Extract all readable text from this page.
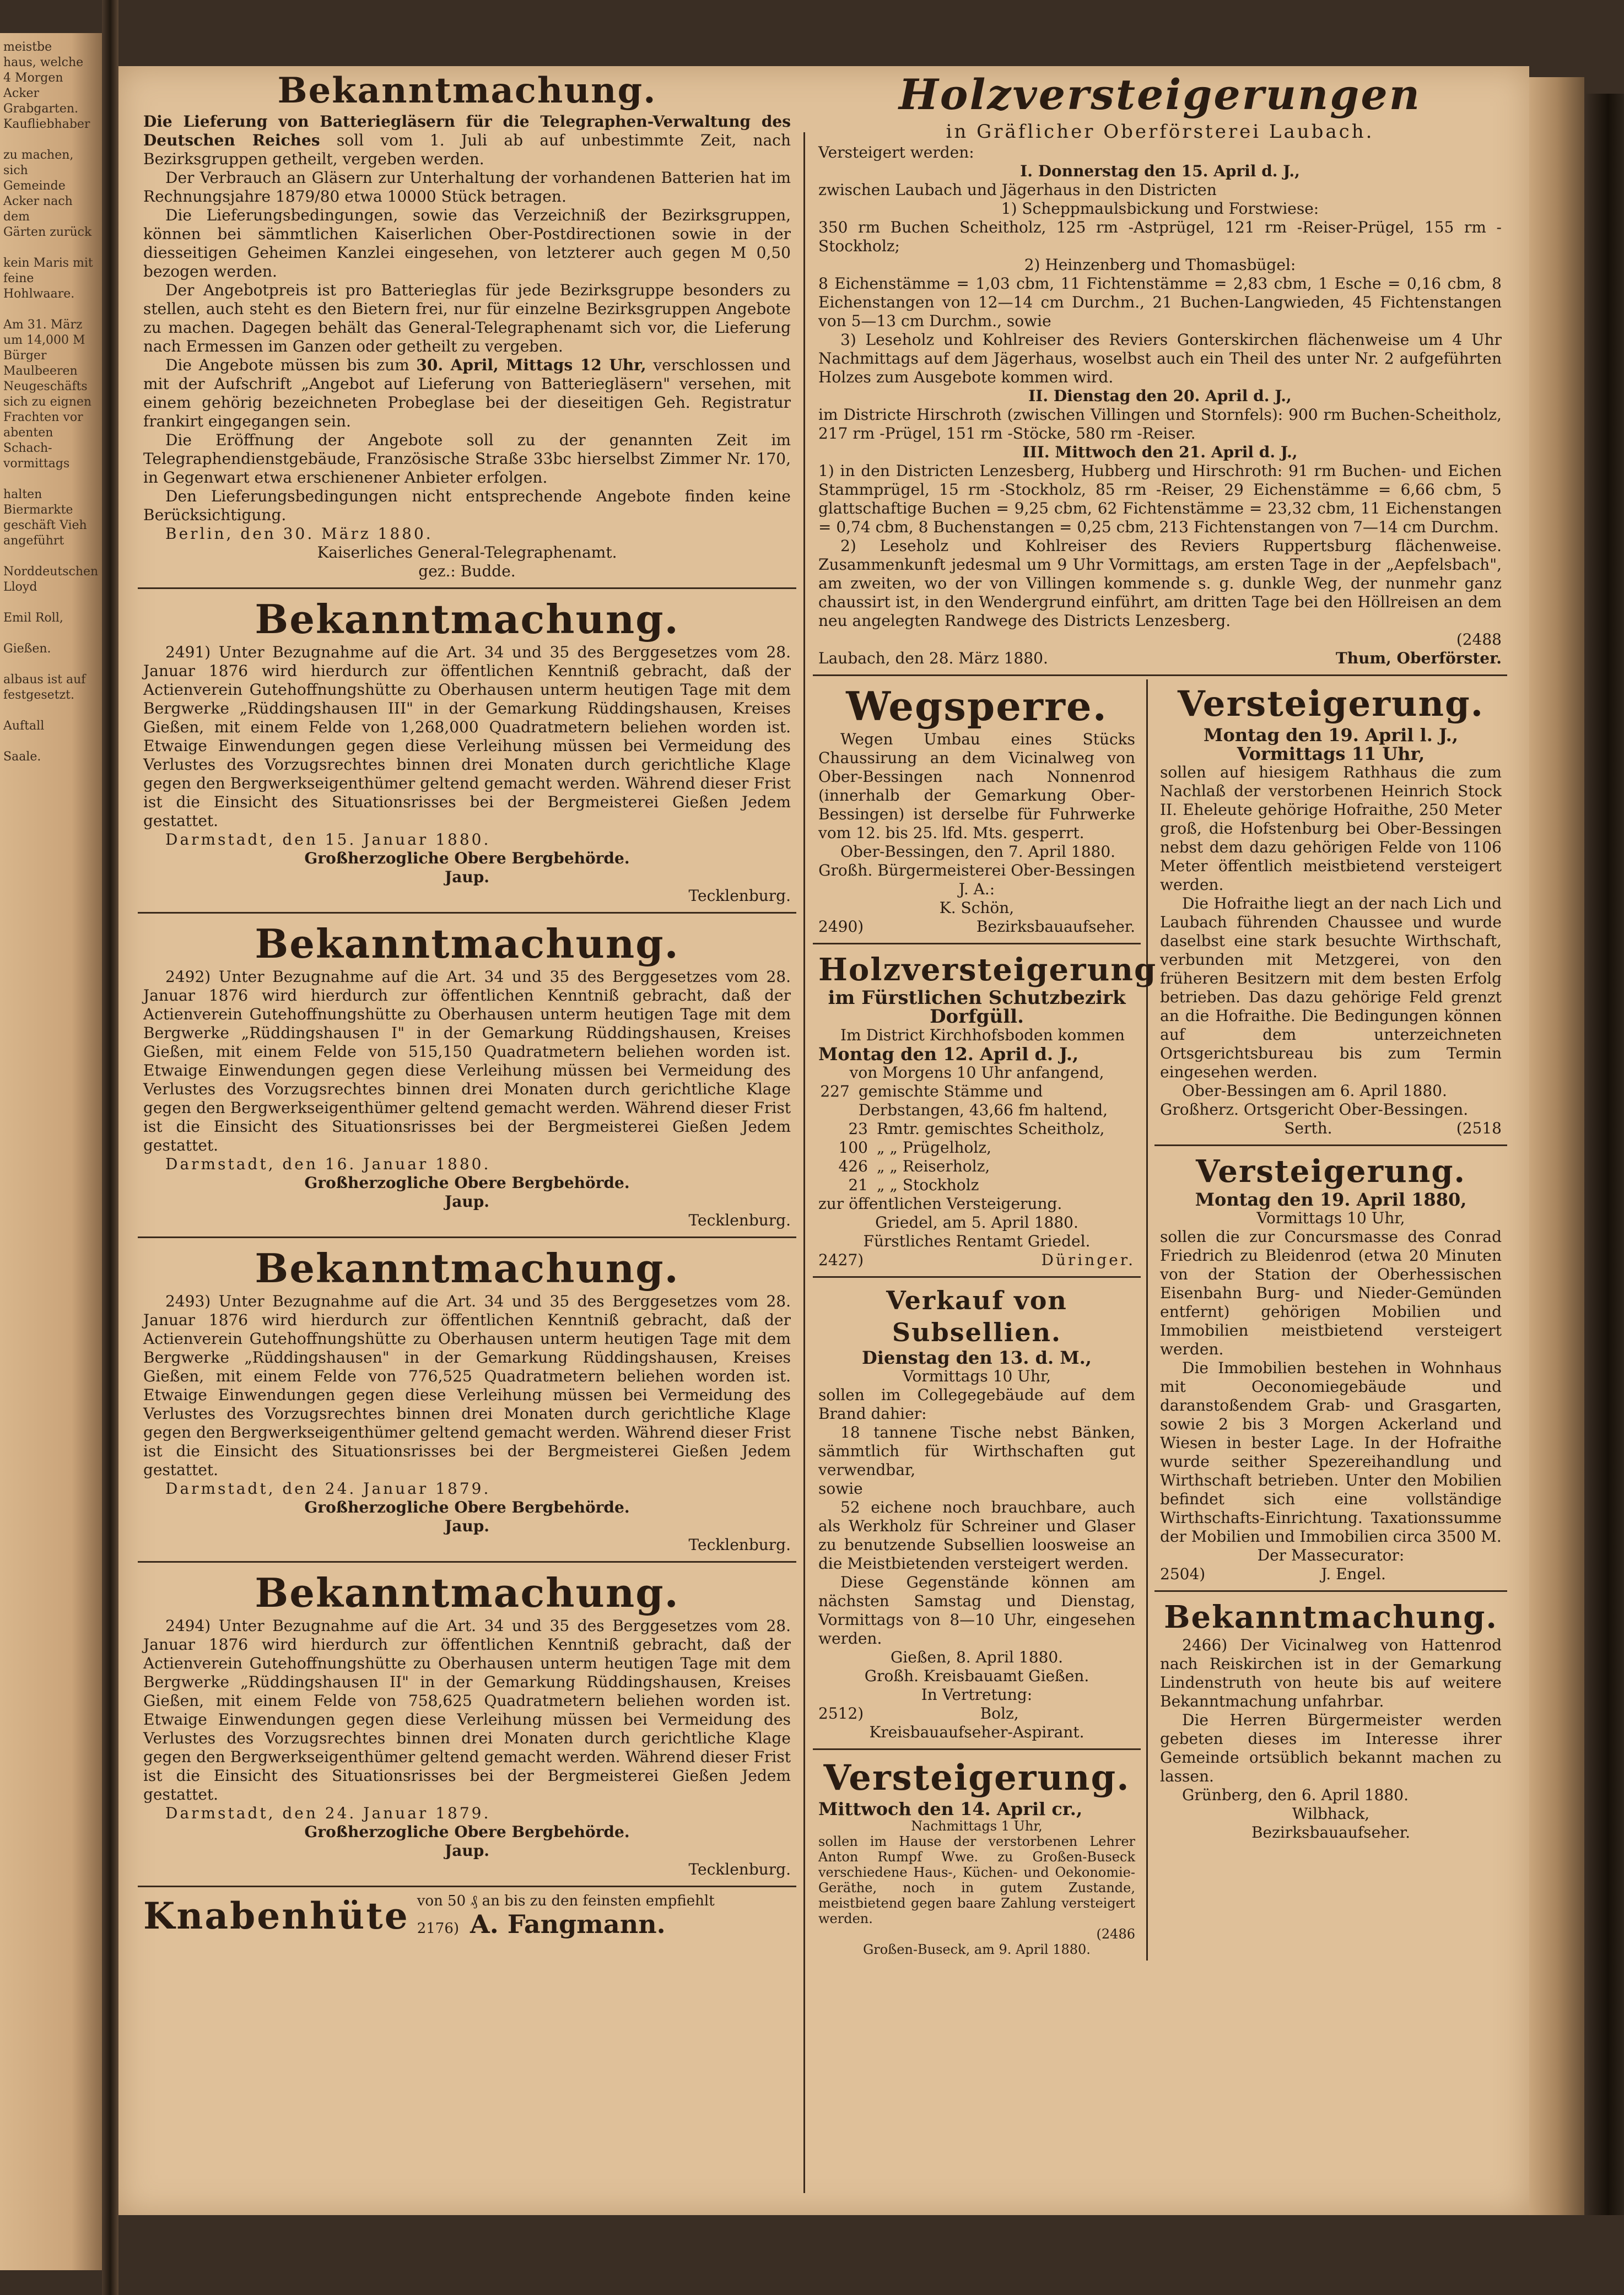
meistbe
haus, welche
4 Morgen Acker
Grabgarten.
Kaufliebhaber

zu machen, sich
Gemeinde
Acker nach dem
Gärten zurück

kein Maris mit
feine Hohlwaare.

Am 31. März
um 14,000 M
Bürger
Maulbeeren
Neugeschäfts
sich zu eignen
Frachten vor
abenten Schach-
vormittags

halten Biermarkte
geschäft Vieh
angeführt

Norddeutschen Lloyd

Emil Roll,

Gießen.

albaus ist auf
festgesetzt.

Auftall

Saale.
Bekanntmachung.

Die Lieferung von Batteriegläsern für die Telegraphen-Verwaltung des Deutschen Reiches soll vom 1. Juli ab auf unbestimmte Zeit, nach Bezirksgruppen getheilt, vergeben werden.

Der Verbrauch an Gläsern zur Unterhaltung der vorhandenen Batterien hat im Rechnungsjahre 1879/80 etwa 10000 Stück betragen.

Die Lieferungsbedingungen, sowie das Verzeichniß der Bezirksgruppen, können bei sämmtlichen Kaiserlichen Ober-Postdirectionen sowie in der diesseitigen Geheimen Kanzlei eingesehen, von letzterer auch gegen M 0,50 bezogen werden.

Der Angebotpreis ist pro Batterieglas für jede Bezirksgruppe besonders zu stellen, auch steht es den Bietern frei, nur für einzelne Bezirksgruppen Angebote zu machen. Dagegen behält das General-Telegraphenamt sich vor, die Lieferung nach Ermessen im Ganzen oder getheilt zu vergeben.

Die Angebote müssen bis zum 30. April, Mittags 12 Uhr, verschlossen und mit der Aufschrift „Angebot auf Lieferung von Batteriegläsern" versehen, mit einem gehörig bezeichneten Probeglase bei der dieseitigen Geh. Registratur frankirt eingegangen sein.

Die Eröffnung der Angebote soll zu der genannten Zeit im Telegraphendienstgebäude, Französische Straße 33bc hierselbst Zimmer Nr. 170, in Gegenwart etwa erschienener Anbieter erfolgen.

Den Lieferungsbedingungen nicht entsprechende Angebote finden keine Berücksichtigung.

Berlin, den 30. März 1880.

Kaiserliches General-Telegraphenamt.

gez.: Budde.

Bekanntmachung.

2491) Unter Bezugnahme auf die Art. 34 und 35 des Berggesetzes vom 28. Januar 1876 wird hierdurch zur öffentlichen Kenntniß gebracht, daß der Actienverein Gutehoffnungshütte zu Oberhausen unterm heutigen Tage mit dem Bergwerke „Rüddingshausen III" in der Gemarkung Rüddingshausen, Kreises Gießen, mit einem Felde von 1,268,000 Quadratmetern beliehen worden ist. Etwaige Einwendungen gegen diese Verleihung müssen bei Vermeidung des Verlustes des Vorzugsrechtes binnen drei Monaten durch gerichtliche Klage gegen den Bergwerkseigenthümer geltend gemacht werden. Während dieser Frist ist die Einsicht des Situationsrisses bei der Bergmeisterei Gießen Jedem gestattet.

Darmstadt, den 15. Januar 1880.

Großherzogliche Obere Bergbehörde.

Jaup.

Tecklenburg.

Bekanntmachung.

2492) Unter Bezugnahme auf die Art. 34 und 35 des Berggesetzes vom 28. Januar 1876 wird hierdurch zur öffentlichen Kenntniß gebracht, daß der Actienverein Gutehoffnungshütte zu Oberhausen unterm heutigen Tage mit dem Bergwerke „Rüddingshausen I" in der Gemarkung Rüddingshausen, Kreises Gießen, mit einem Felde von 515,150 Quadratmetern beliehen worden ist. Etwaige Einwendungen gegen diese Verleihung müssen bei Vermeidung des Verlustes des Vorzugsrechtes binnen drei Monaten durch gerichtliche Klage gegen den Bergwerkseigenthümer geltend gemacht werden. Während dieser Frist ist die Einsicht des Situationsrisses bei der Bergmeisterei Gießen Jedem gestattet.

Darmstadt, den 16. Januar 1880.

Großherzogliche Obere Bergbehörde.

Jaup.

Tecklenburg.

Bekanntmachung.

2493) Unter Bezugnahme auf die Art. 34 und 35 des Berggesetzes vom 28. Januar 1876 wird hierdurch zur öffentlichen Kenntniß gebracht, daß der Actienverein Gutehoffnungshütte zu Oberhausen unterm heutigen Tage mit dem Bergwerke „Rüddingshausen" in der Gemarkung Rüddingshausen, Kreises Gießen, mit einem Felde von 776,525 Quadratmetern beliehen worden ist. Etwaige Einwendungen gegen diese Verleihung müssen bei Vermeidung des Verlustes des Vorzugsrechtes binnen drei Monaten durch gerichtliche Klage gegen den Bergwerkseigenthümer geltend gemacht werden. Während dieser Frist ist die Einsicht des Situationsrisses bei der Bergmeisterei Gießen Jedem gestattet.

Darmstadt, den 24. Januar 1879.

Großherzogliche Obere Bergbehörde.

Jaup.

Tecklenburg.

Bekanntmachung.

2494) Unter Bezugnahme auf die Art. 34 und 35 des Berggesetzes vom 28. Januar 1876 wird hierdurch zur öffentlichen Kenntniß gebracht, daß der Actienverein Gutehoffnungshütte zu Oberhausen unterm heutigen Tage mit dem Bergwerke „Rüddingshausen II" in der Gemarkung Rüddingshausen, Kreises Gießen, mit einem Felde von 758,625 Quadratmetern beliehen worden ist. Etwaige Einwendungen gegen diese Verleihung müssen bei Vermeidung des Verlustes des Vorzugsrechtes binnen drei Monaten durch gerichtliche Klage gegen den Bergwerkseigenthümer geltend gemacht werden. Während dieser Frist ist die Einsicht des Situationsrisses bei der Bergmeisterei Gießen Jedem gestattet.

Darmstadt, den 24. Januar 1879.

Großherzogliche Obere Bergbehörde.

Jaup.

Tecklenburg.

Knabenhüte von 50 ₰ an bis zu den feinsten empfiehlt
2176) A. Fangmann.
Holzversteigerungen

in Gräflicher Oberförsterei Laubach.

Versteigert werden:

I. Donnerstag den 15. April d. J.,

zwischen Laubach und Jägerhaus in den Districten

1) Scheppmaulsbickung und Forstwiese:

350 rm Buchen Scheitholz, 125 rm -Astprügel, 121 rm -Reiser-Prügel, 155 rm -Stockholz;

2) Heinzenberg und Thomasbügel:

8 Eichenstämme = 1,03 cbm, 11 Fichtenstämme = 2,83 cbm, 1 Esche = 0,16 cbm, 8 Eichenstangen von 12—14 cm Durchm., 21 Buchen-Langwieden, 45 Fichtenstangen von 5—13 cm Durchm., sowie

3) Leseholz und Kohlreiser des Reviers Gonterskirchen flächenweise um 4 Uhr Nachmittags auf dem Jägerhaus, woselbst auch ein Theil des unter Nr. 2 aufgeführten Holzes zum Ausgebote kommen wird.

II. Dienstag den 20. April d. J.,

im Districte Hirschroth (zwischen Villingen und Stornfels): 900 rm Buchen-Scheitholz, 217 rm -Prügel, 151 rm -Stöcke, 580 rm -Reiser.

III. Mittwoch den 21. April d. J.,

1) in den Districten Lenzesberg, Hubberg und Hirschroth: 91 rm Buchen- und Eichen Stammprügel, 15 rm -Stockholz, 85 rm -Reiser, 29 Eichenstämme = 6,66 cbm, 5 glattschaftige Buchen = 9,25 cbm, 62 Fichtenstämme = 23,32 cbm, 11 Eichenstangen = 0,74 cbm, 8 Buchenstangen = 0,25 cbm, 213 Fichtenstangen von 7—14 cm Durchm.

2) Leseholz und Kohlreiser des Reviers Ruppertsburg flächenweise. Zusammenkunft jedesmal um 9 Uhr Vormittags, am ersten Tage in der „Aepfelsbach", am zweiten, wo der von Villingen kommende s. g. dunkle Weg, der nunmehr ganz chaussirt ist, in den Wendergrund einführt, am dritten Tage bei den Höllreisen an dem neu angelegten Randwege des Districts Lenzesberg.

(2488

Laubach, den 28. März 1880.	Thum, Oberförster.
Wegsperre.

Wegen Umbau eines Stücks Chaussirung an dem Vicinalweg von Ober-Bessingen nach Nonnenrod (innerhalb der Gemarkung Ober-Bessingen) ist derselbe für Fuhrwerke vom 12. bis 25. lfd. Mts. gesperrt.

Ober-Bessingen, den 7. April 1880.

Großh. Bürgermeisterei Ober-Bessingen

J. A.:

K. Schön,

2490)	Bezirksbauaufseher.
Holzversteigerung

im Fürstlichen Schutzbezirk Dorfgüll.

Im District Kirchhofsboden kommen

Montag den 12. April d. J.,

von Morgens 10 Uhr anfangend,

227 gemischte Stämme und Derbstangen, 43,66 fm haltend,
23 Rmtr. gemischtes Scheitholz,
100 „ „ Prügelholz,
426 „ „ Reiserholz,
21 „ „ Stockholz

zur öffentlichen Versteigerung.

Griedel, am 5. April 1880.

Fürstliches Rentamt Griedel.

2427)	Düringer.
Verkauf von Subsellien.

Dienstag den 13. d. M.,

Vormittags 10 Uhr,

sollen im Collegegebäude auf dem Brand dahier:

18 tannene Tische nebst Bänken, sämmtlich für Wirthschaften gut verwendbar,

sowie

52 eichene noch brauchbare, auch als Werkholz für Schreiner und Glaser zu benutzende Subsellien loosweise an die Meistbietenden versteigert werden.

Diese Gegenstände können am nächsten Samstag und Dienstag, Vormittags von 8—10 Uhr, eingesehen werden.

Gießen, 8. April 1880.

Großh. Kreisbauamt Gießen.

In Vertretung:

2512)	Bolz,

Kreisbauaufseher-Aspirant.

Versteigerung.

Mittwoch den 14. April cr.,

Nachmittags 1 Uhr,

sollen im Hause der verstorbenen Lehrer Anton Rumpf Wwe. zu Großen-Buseck verschiedene Haus-, Küchen- und Oekonomie-Geräthe, noch in gutem Zustande, meistbietend gegen baare Zahlung versteigert werden.

(2486

Großen-Buseck, am 9. April 1880.

Versteigerung.

Montag den 19. April l. J., Vormittags 11 Uhr,

sollen auf hiesigem Rathhaus die zum Nachlaß der verstorbenen Heinrich Stock II. Eheleute gehörige Hofraithe, 250 Meter groß, die Hofstenburg bei Ober-Bessingen nebst dem dazu gehörigen Felde von 1106 Meter öffentlich meistbietend versteigert werden.

Die Hofraithe liegt an der nach Lich und Laubach führenden Chaussee und wurde daselbst eine stark besuchte Wirthschaft, verbunden mit Metzgerei, von den früheren Besitzern mit dem besten Erfolg betrieben. Das dazu gehörige Feld grenzt an die Hofraithe. Die Bedingungen können auf dem unterzeichneten Ortsgerichtsbureau bis zum Termin eingesehen werden.

Ober-Bessingen am 6. April 1880.

Großherz. Ortsgericht Ober-Bessingen.

Serth.	(2518
Versteigerung.

Montag den 19. April 1880,

Vormittags 10 Uhr,

sollen die zur Concursmasse des Conrad Friedrich zu Bleidenrod (etwa 20 Minuten von der Station der Oberhessischen Eisenbahn Burg- und Nieder-Gemünden entfernt) gehörigen Mobilien und Immobilien meistbietend versteigert werden.

Die Immobilien bestehen in Wohnhaus mit Oeconomiegebäude und daranstoßendem Grab- und Grasgarten, sowie 2 bis 3 Morgen Ackerland und Wiesen in bester Lage. In der Hofraithe wurde seither Spezereihandlung und Wirthschaft betrieben. Unter den Mobilien befindet sich eine vollständige Wirthschafts-Einrichtung. Taxationssumme der Mobilien und Immobilien circa 3500 M.

Der Massecurator:

2504)	J. Engel.
Bekanntmachung.

2466) Der Vicinalweg von Hattenrod nach Reiskirchen ist in der Gemarkung Lindenstruth von heute bis auf weitere Bekanntmachung unfahrbar.

Die Herren Bürgermeister werden gebeten dieses im Interesse ihrer Gemeinde ortsüblich bekannt machen zu lassen.

Grünberg, den 6. April 1880.

Wilbhack,

Bezirksbauaufseher.
